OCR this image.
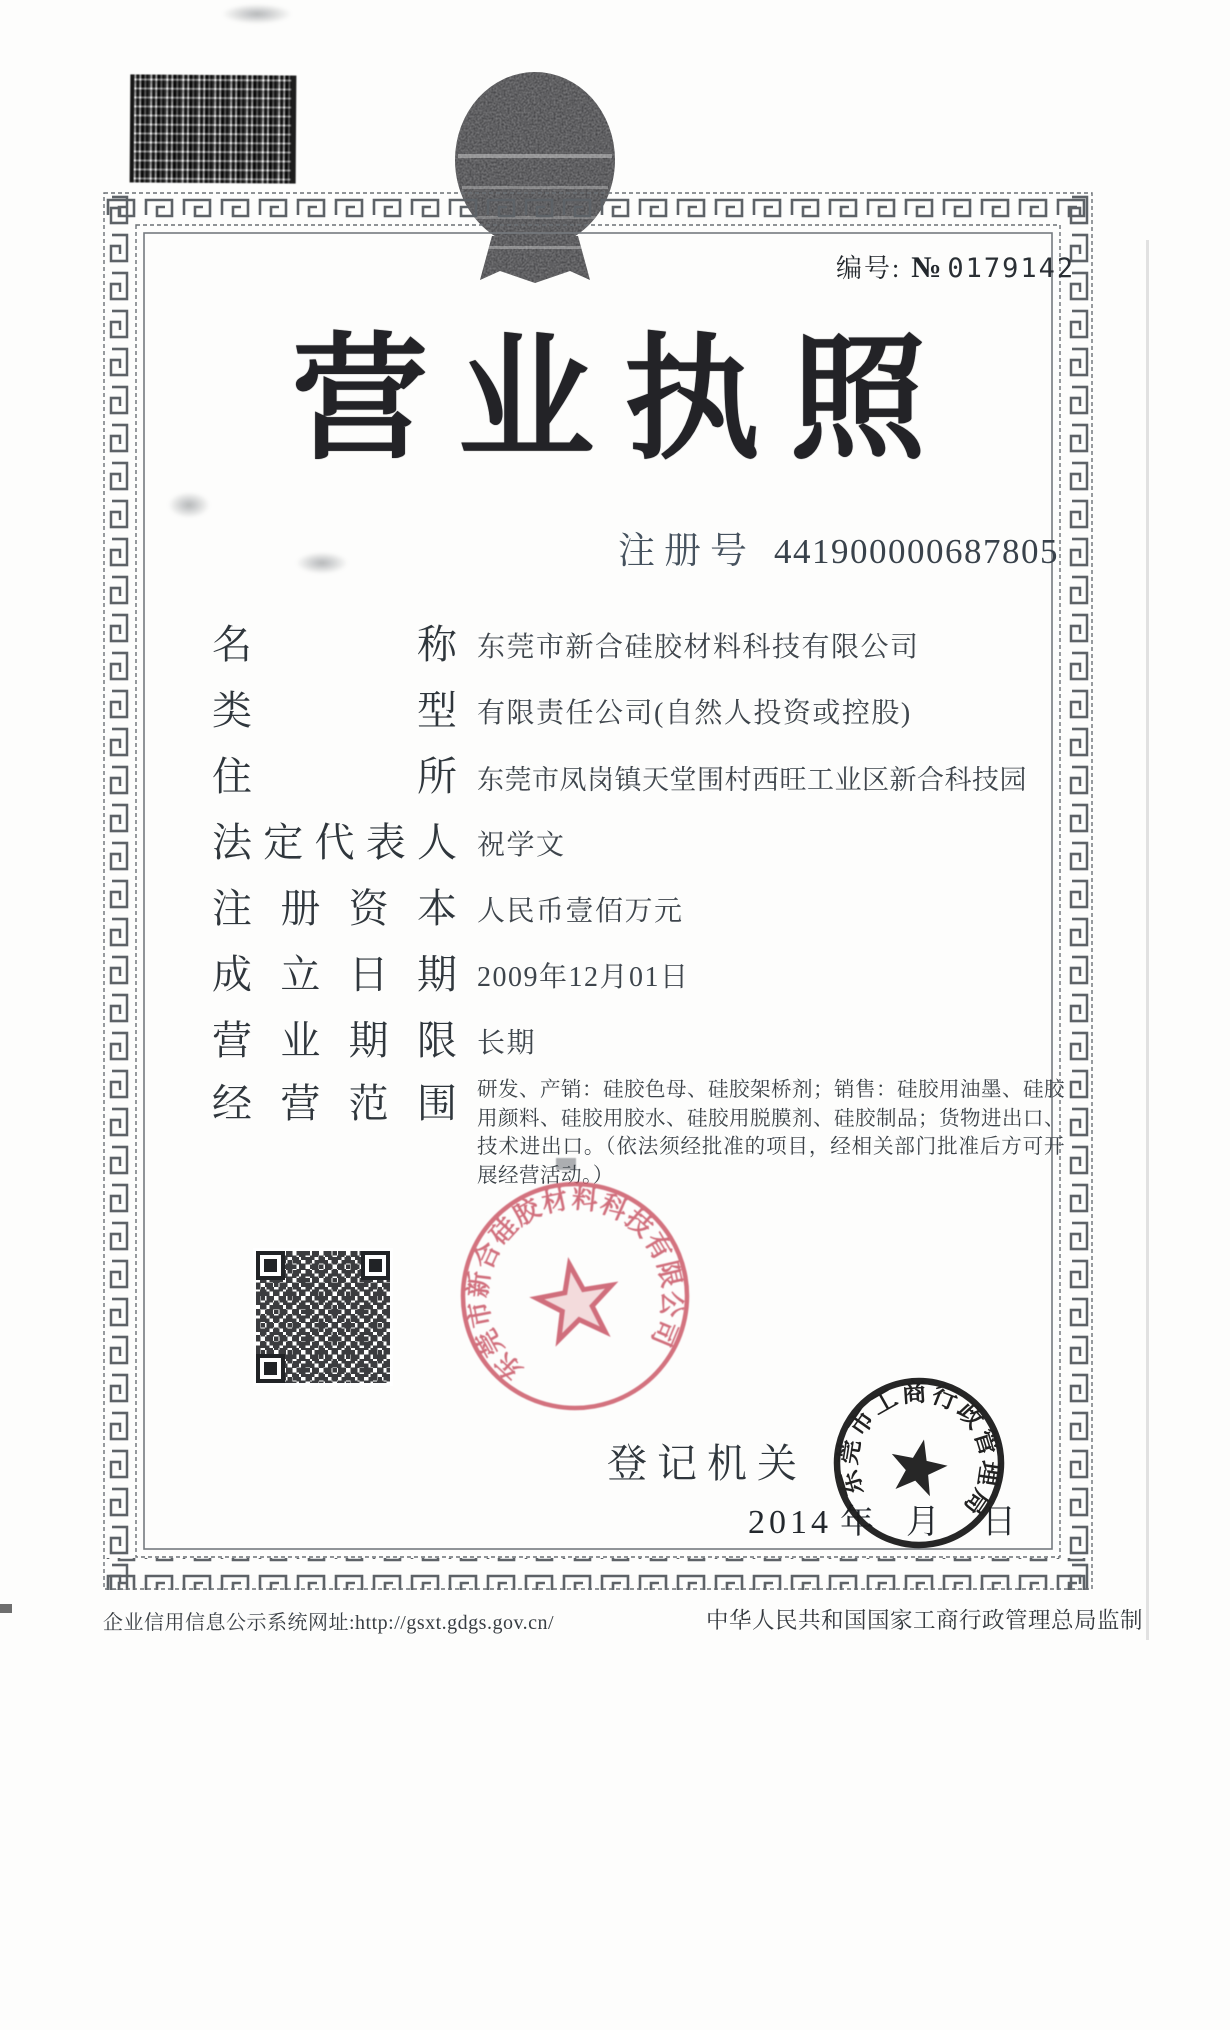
编号: № 0179142
营业执照
注册号 441900000687805
名称 东莞市新合硅胶材料科技有限公司
类型 有限责任公司(自然人投资或控股)
住所 东莞市凤岗镇天堂围村西旺工业区新合科技园
法定代表人 祝学文
注册资本 人民币壹佰万元
成立日期 2009年12月01日
营业期限 长期
经营范围 研发、产销：硅胶色母、硅胶架桥剂；销售：硅胶用油墨、硅胶用颜料、硅胶用胶水、硅胶用脱膜剂、硅胶制品；货物进出口、技术进出口。（依法须经批准的项目，经相关部门批准后方可开展经营活动。）
登记机关
2014 年 月 日
东莞市新合硅胶材料科技有限公司
东莞市工商行政管理局
企业信用信息公示系统网址:http://gsxt.gdgs.gov.cn/	中华人民共和国国家工商行政管理总局监制
